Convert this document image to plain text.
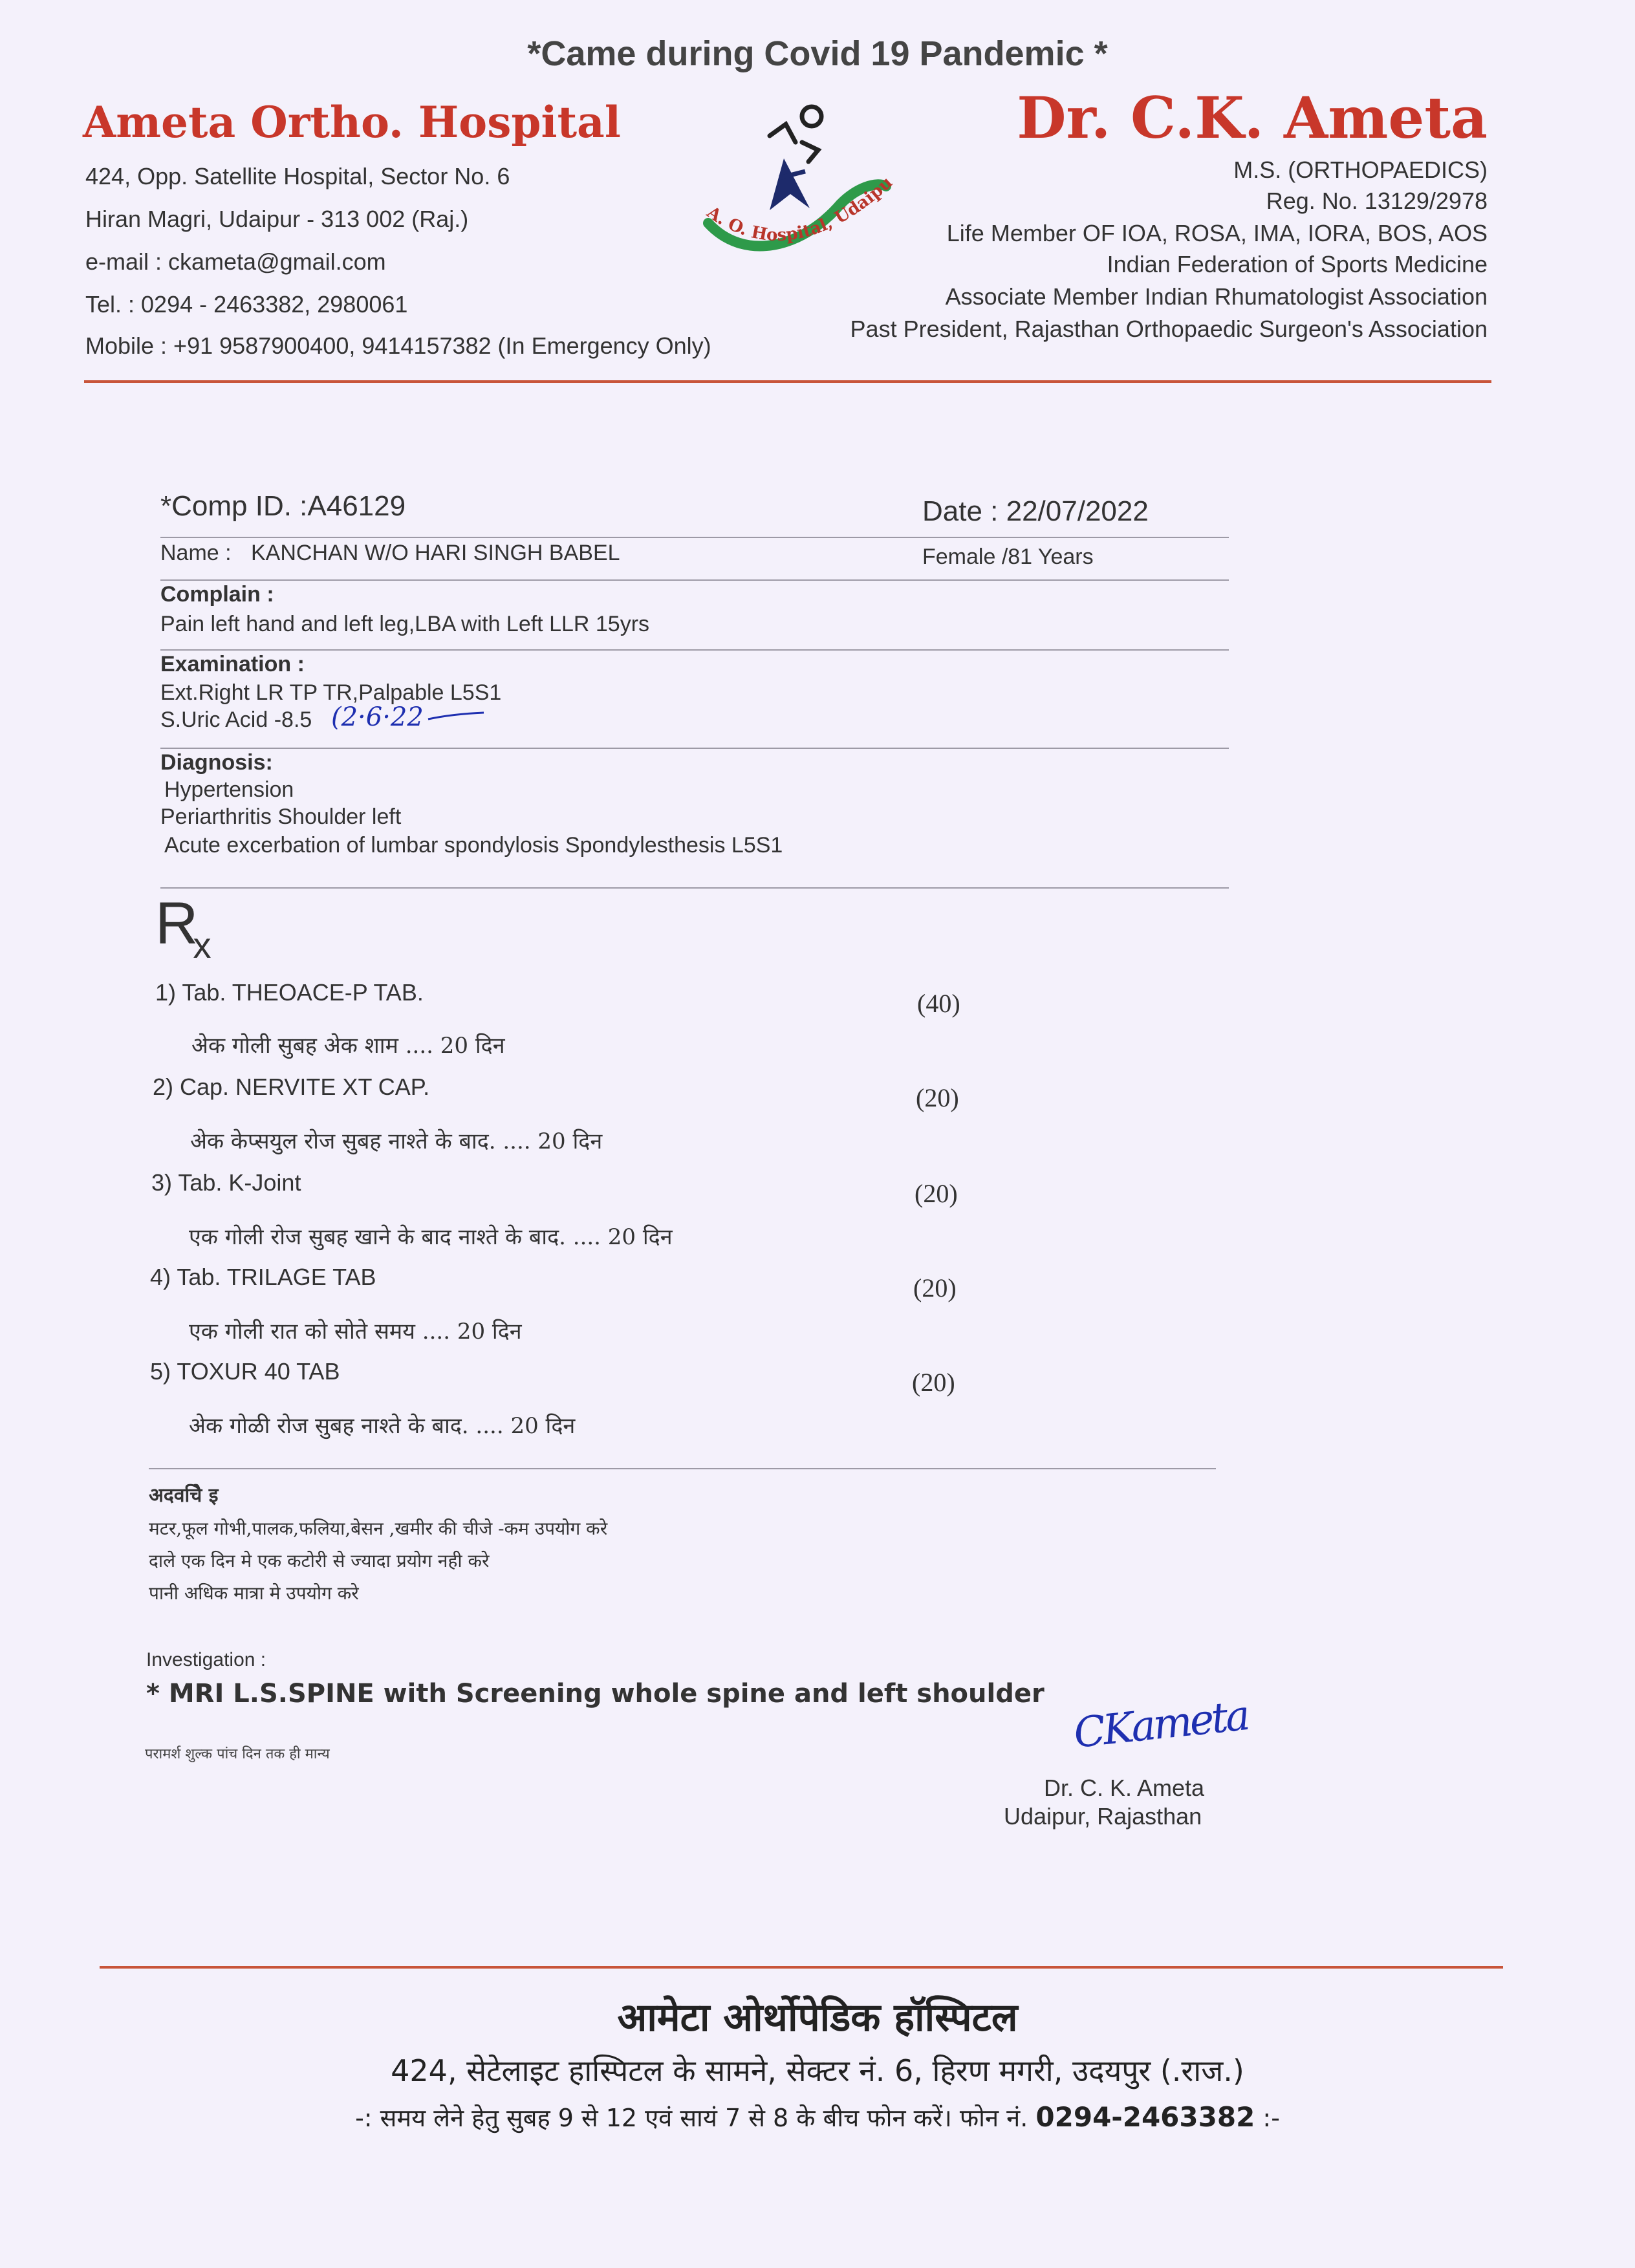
*Came during Covid 19 Pandemic *
Ameta Ortho. Hospital
424, Opp. Satellite Hospital, Sector No. 6
Hiran Magri, Udaipur - 313 002 (Raj.)
e-mail : ckameta@gmail.com
Tel. : 0294 - 2463382, 2980061
Mobile : +91 9587900400, 9414157382 (In Emergency Only)
A. O. Hospital, Udaip
Dr. C.K. Ameta
M.S. (ORTHOPAEDICS)
Reg. No. 13129/2978
Life Member OF IOA, ROSA, IMA, IORA, BOS, AOS
Indian Federation of Sports Medicine
Associate Member Indian Rhumatologist Association
Past President, Rajasthan Orthopaedic Surgeon's Association
*Comp ID. :A46129	Date : 22/07/2022
Name : KANCHAN W/O HARI SINGH BABEL	Female /81 Years
Complain :
Pain left hand and left leg,LBA with Left LLR 15yrs
Examination :
Ext.Right LR TP TR,Palpable L5S1
S.Uric Acid -8.5 (2·6·22
Diagnosis:
Hypertension
Periarthritis Shoulder left
Acute excerbation of lumbar spondylosis Spondylesthesis L5S1
Rx
1) Tab. THEOACE-P TAB.	(40)
अेक गोली सुबह अेक शाम .... 20 दिन
2) Cap. NERVITE XT CAP.	(20)
अेक केप्सयुल रोज सुबह नाश्ते के बाद. .... 20 दिन
3) Tab. K-Joint	(20)
एक गोली रोज सुबह खाने के बाद नाश्ते के बाद. .... 20 दिन
4) Tab. TRILAGE TAB	(20)
एक गोली रात को सोते समय .... 20 दिन
5) TOXUR 40 TAB	(20)
अेक गोळी रोज सुबह नाश्ते के बाद. .... 20 दिन
अदवचिे इ
मटर,फूल गोभी,पालक,फलिया,बेसन ,खमीर की चीजे -कम उपयोग करे
दाले एक दिन मे एक कटोरी से ज्यादा प्रयोग नही करे
पानी अधिक मात्रा मे उपयोग करे
Investigation :
* MRI L.S.SPINE with Screening whole spine and left shoulder
परामर्श शुल्क पांच दिन तक ही मान्य	CKameta
Dr. C. K. Ameta
Udaipur, Rajasthan
आमेटा ओर्थोपेडिक हॉस्पिटल
424, सेटेलाइट हास्पिटल के सामने, सेक्टर नं. 6, हिरण मगरी, उदयपुर (.राज.)
-: समय लेने हेतु सुबह 9 से 12 एवं सायं 7 से 8 के बीच फोन करें। फोन नं. 0294-2463382 :-
